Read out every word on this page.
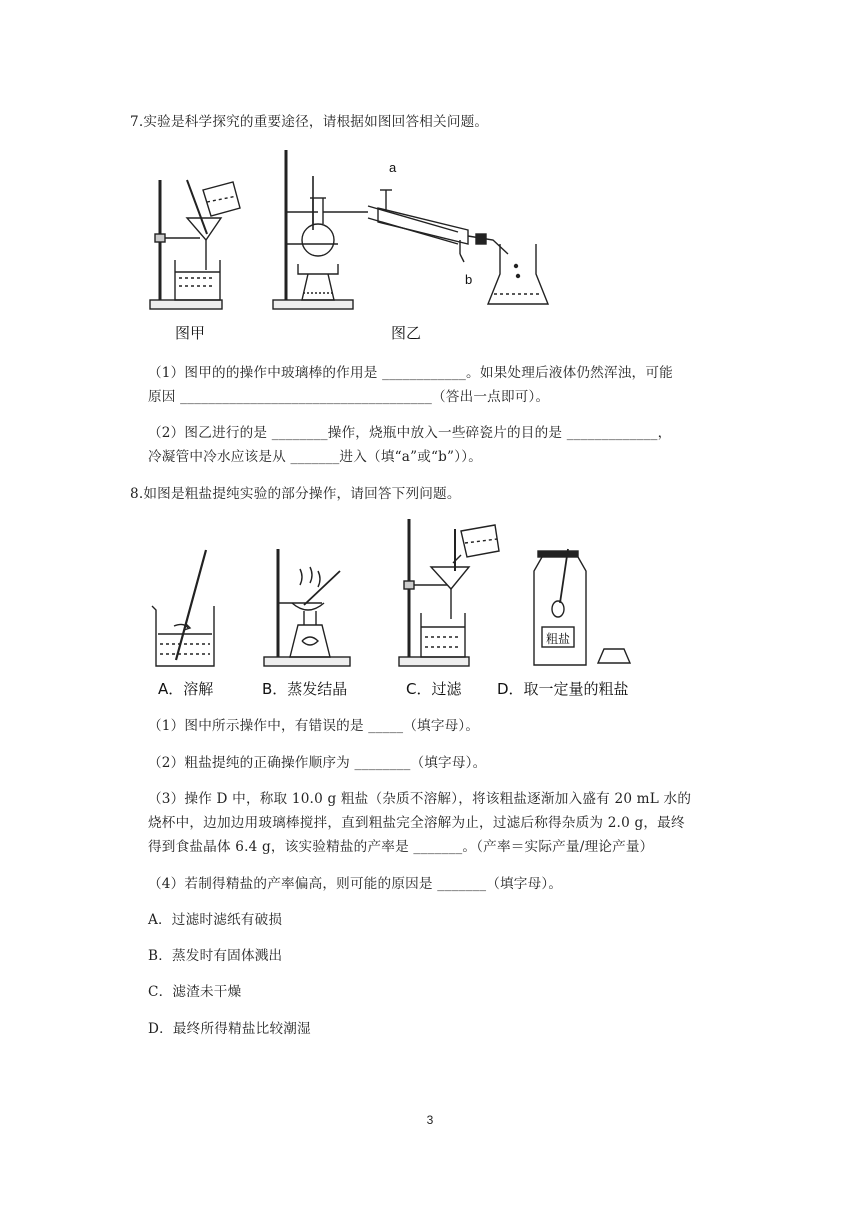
7.实验是科学探究的重要途径，请根据如图回答相关问题。
图甲
a
b
图乙
（1）图甲的的操作中玻璃棒的作用是 ____________。如果处理后液体仍然浑浊，可能
原因 ____________________________________（答出一点即可）。
（2）图乙进行的是 ________操作，烧瓶中放入一些碎瓷片的目的是 _____________，
冷凝管中冷水应该是从 _______进入（填“a”或“b”））。
8.如图是粗盐提纯实验的部分操作，请回答下列问题。
A．溶解	B．蒸发结晶	C．过滤
粗盐
D．取一定量的粗盐
（1）图中所示操作中，有错误的是 _____（填字母）。
（2）粗盐提纯的正确操作顺序为 ________（填字母）。
（3）操作 D 中，称取 10.0 g 粗盐（杂质不溶解），将该粗盐逐渐加入盛有 20 mL 水的
烧杯中，边加边用玻璃棒搅拌，直到粗盐完全溶解为止，过滤后称得杂质为 2.0 g，最终
得到食盐晶体 6.4 g，该实验精盐的产率是 _______。（产率＝实际产量/理论产量）
（4）若制得精盐的产率偏高，则可能的原因是 _______（填字母）。
A．过滤时滤纸有破损
B．蒸发时有固体溅出
C．滤渣未干燥
D．最终所得精盐比较潮湿
3
